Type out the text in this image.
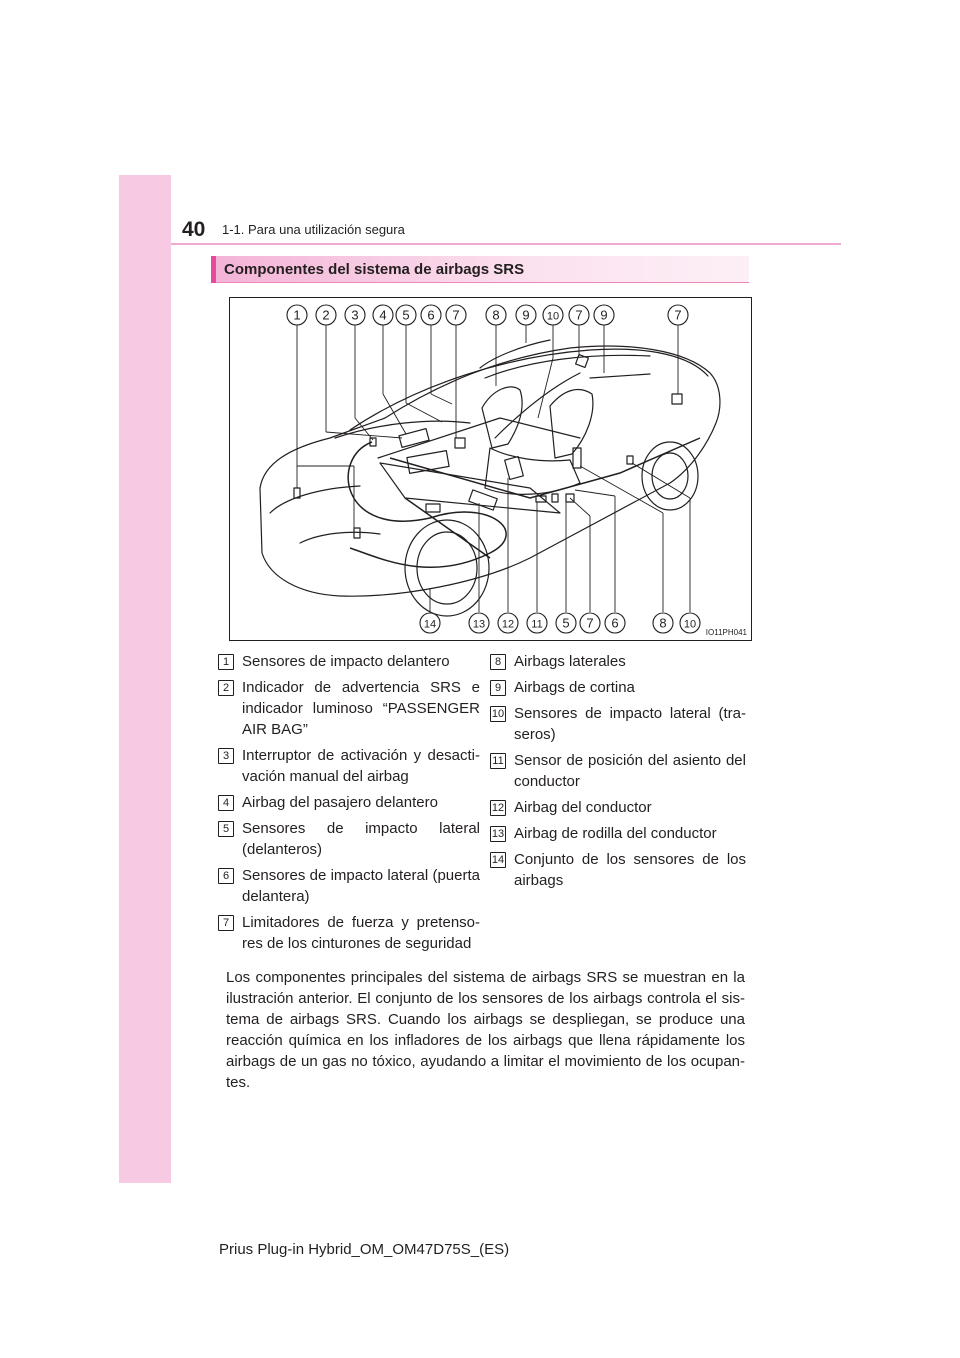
40 1-1. Para una utilización segura
Componentes del sistema de airbags SRS
1 2 3 4 5 6 7	8 9 10 7 9	7
14	13 12 11 5 7 6	8 10
IO11PH041
1 Sensores de impacto delantero
2 Indicador de advertencia SRS e indicador luminoso “PASSENGER AIR BAG”
3 Interruptor de activación y desacti- vación manual del airbag
4 Airbag del pasajero delantero
5 Sensores de impacto lateral (delanteros)
6 Sensores de impacto lateral (puerta delantera)
7 Limitadores de fuerza y pretenso- res de los cinturones de seguridad
8 Airbags laterales
9 Airbags de cortina
10 Sensores de impacto lateral (tra- seros)
11 Sensor de posición del asiento del conductor
12 Airbag del conductor
13 Airbag de rodilla del conductor
14 Conjunto de los sensores de los airbags
Los componentes principales del sistema de airbags SRS se muestran en la ilustración anterior. El conjunto de los sensores de los airbags controla el sis- tema de airbags SRS. Cuando los airbags se despliegan, se produce una reacción química en los infladores de los airbags que llena rápidamente los airbags de un gas no tóxico, ayudando a limitar el movimiento de los ocupan- tes.
Prius Plug-in Hybrid_OM_OM47D75S_(ES)
